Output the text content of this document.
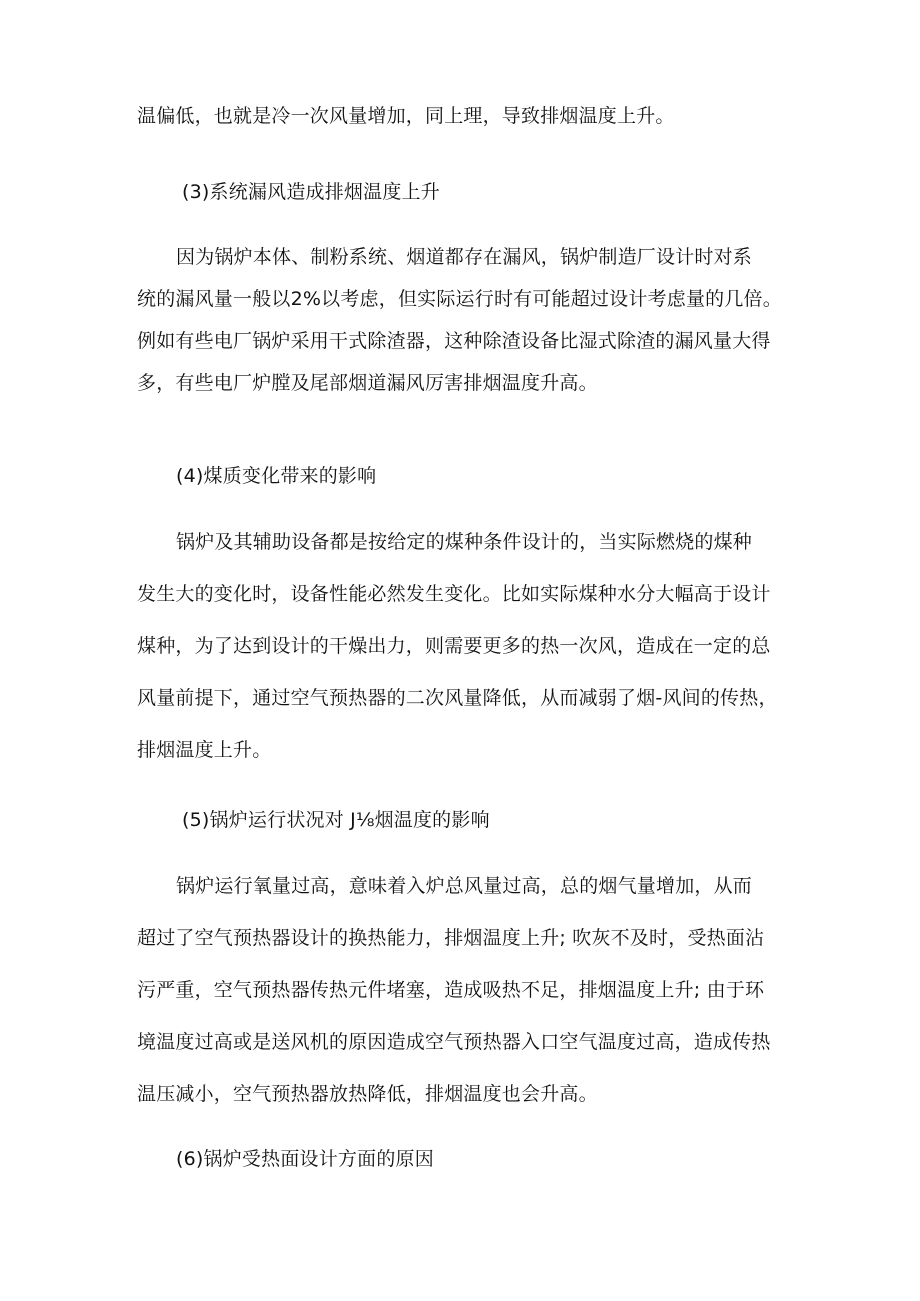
温偏低，也就是冷一次风量增加，同上理，导致排烟温度上升。
(3)系统漏风造成排烟温度上升
因为锅炉本体、制粉系统、烟道都存在漏风，锅炉制造厂设计时对系
统的漏风量一般以2%以考虑，但实际运行时有可能超过设计考虑量的几倍。
例如有些电厂锅炉采用干式除渣器，这种除渣设备比湿式除渣的漏风量大得
多，有些电厂炉膛及尾部烟道漏风厉害排烟温度升高。
(4)煤质变化带来的影响
锅炉及其辅助设备都是按给定的煤种条件设计的，当实际燃烧的煤种
发生大的变化时，设备性能必然发生变化。比如实际煤种水分大幅高于设计
煤种，为了达到设计的干燥出力，则需要更多的热一次风，造成在一定的总
风量前提下，通过空气预热器的二次风量降低，从而减弱了烟-风间的传热，
排烟温度上升。
(5)锅炉运行状况对 J⅛烟温度的影响
锅炉运行氧量过高，意味着入炉总风量过高，总的烟气量增加，从而
超过了空气预热器设计的换热能力，排烟温度上升; 吹灰不及时，受热面沾
污严重，空气预热器传热元件堵塞，造成吸热不足，排烟温度上升; 由于环
境温度过高或是送风机的原因造成空气预热器入口空气温度过高，造成传热
温压减小，空气预热器放热降低，排烟温度也会升高。
(6)锅炉受热面设计方面的原因
